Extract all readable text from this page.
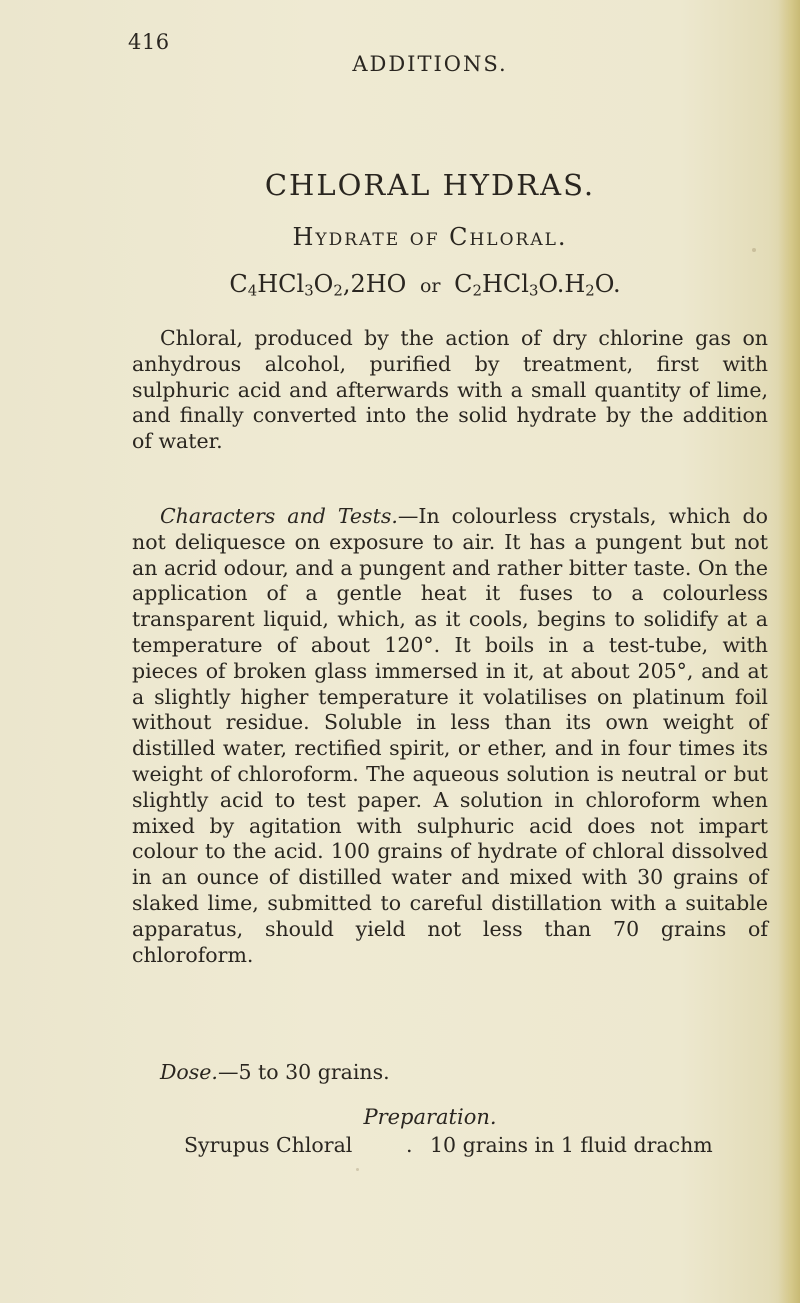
416
ADDITIONS.
CHLORAL HYDRAS.
Hydrate of Chloral.
$C_4HCl_3O_2,2HO$ or $C_2HCl_3O.H_2O$.
Chloral, produced by the action of dry chlorine gas on anhydrous alcohol, purified by treatment, first with sulphuric acid and afterwards with a small quantity of lime, and finally converted into the solid hydrate by the addition of water.
Characters and Tests.—In colourless crystals, which do not deliquesce on exposure to air. It has a pungent but not an acrid odour, and a pungent and rather bitter taste. On the application of a gentle heat it fuses to a colourless transparent liquid, which, as it cools, begins to solidify at a temperature of about 120°. It boils in a test-tube, with pieces of broken glass immersed in it, at about 205°, and at a slightly higher temperature it volatilises on platinum foil without residue. Soluble in less than its own weight of distilled water, rectified spirit, or ether, and in four times its weight of chloroform. The aqueous solution is neutral or but slightly acid to test paper. A solution in chloroform when mixed by agitation with sulphuric acid does not impart colour to the acid. 100 grains of hydrate of chloral dissolved in an ounce of distilled water and mixed with 30 grains of slaked lime, submitted to careful distillation with a suitable apparatus, should yield not less than 70 grains of chloroform.
Dose.—5 to 30 grains.
Preparation.
Syrupus Chloral	. 10 grains in 1 fluid drachm
